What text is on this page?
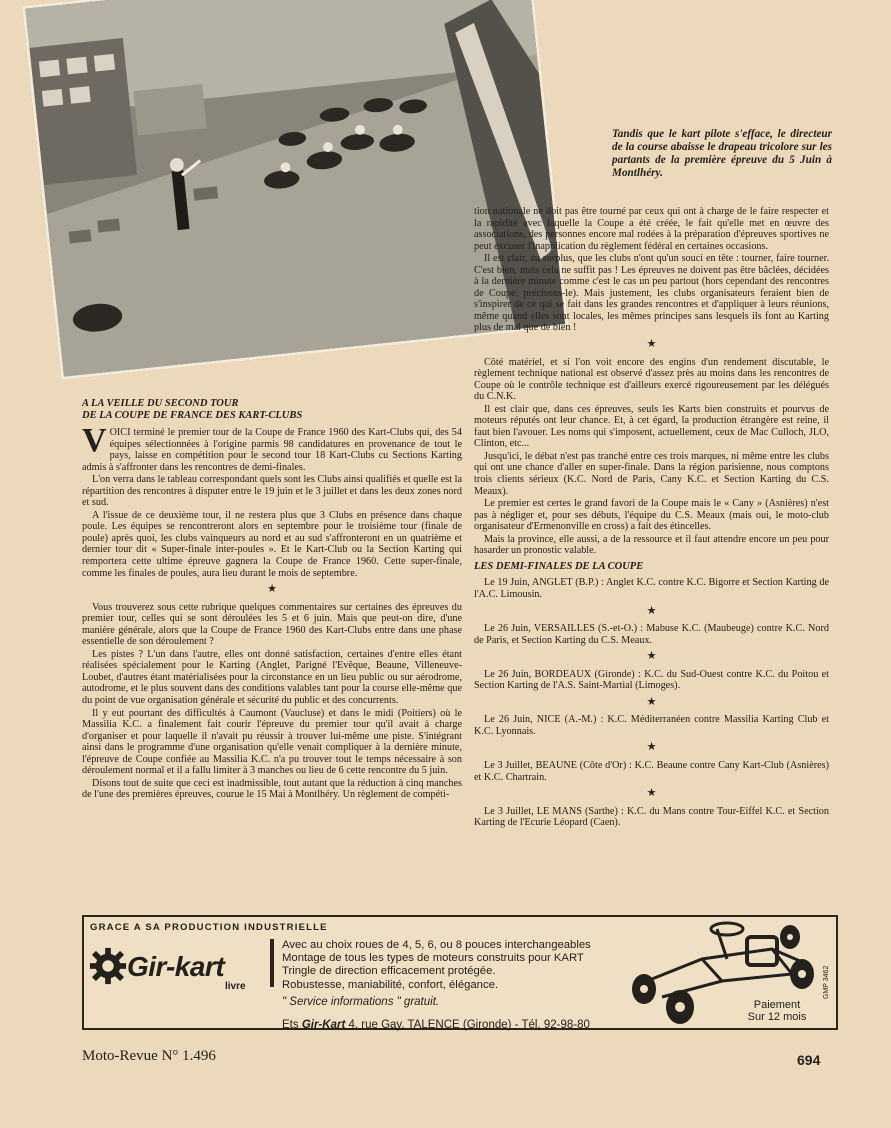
Tandis que le kart pilote s'efface, le directeur de la course abaisse le drapeau tricolore sur les partants de la première épreuve du 5 Juin à Montlhéry.

A LA VEILLE DU SECOND TOUR
DE LA COUPE DE FRANCE DES KART-CLUBS

VOICI terminé le premier tour de la Coupe de France 1960 des Kart-Clubs qui, des 54 équipes sélectionnées à l'origine parmis 98 candidatures en provenance de tout le pays, laisse en compétition pour le second tour 18 Kart-Clubs cu Sections Karting admis à s'affronter dans les rencontres de demi-finales.

L'on verra dans le tableau correspondant quels sont les Clubs ainsi qualifiés et quelle est la répartition des rencontres à disputer entre le 19 juin et le 3 juillet et dans les deux zones nord et sud.

A l'issue de ce deuxième tour, il ne restera plus que 3 Clubs en présence dans chaque poule. Les équipes se rencontreront alors en septembre pour le troisième tour (finale de poule) après quoi, les clubs vainqueurs au nord et au sud s'affronteront en un quatrième et dernier tour dit « Super-finale inter-poules ». Et le Kart-Club ou la Section Karting qui remportera cette ultime épreuve gagnera la Coupe de France 1960. Cette super-finale, comme les finales de poules, aura lieu durant le mois de septembre.

★

Vous trouverez sous cette rubrique quelques commentaires sur certaines des épreuves du premier tour, celles qui se sont déroulées les 5 et 6 juin. Mais que peut-on dire, d'une manière générale, alors que la Coupe de France 1960 des Kart-Clubs entre dans une phase essentielle de son déroulement ?

Les pistes ? L'un dans l'autre, elles ont donné satisfaction, certaines d'entre elles étant réalisées spécialement pour le Karting (Anglet, Parigné l'Evêque, Beaune, Villeneuve-Loubet, d'autres étant matérialisées pour la circonstance en un lieu public ou sur aérodrome, autodrome, et le plus souvent dans des conditions valables tant pour la course elle-même que du point de vue organisation générale et sécurité du public et des concurrents.

Il y eut pourtant des difficultés à Caumont (Vaucluse) et dans le midi (Poitiers) où le Massilia K.C. a finalement fait courir l'épreuve du premier tour qu'il avait à charge d'organiser et pour laquelle il n'avait pu réussir à trouver lui-même une piste. S'intégrant ainsi dans le programme d'une organisation qu'elle venait compliquer à la dernière minute, l'épreuve de Coupe confiée au Massilia K.C. n'a pu trouver tout le temps nécessaire à son déroulement normal et il a fallu limiter à 3 manches ou lieu de 6 cette rencontre du 5 juin.

Disons tout de suite que ceci est inadmissible, tout autant que la réduction à cinq manches de l'une des premières épreuves, courue le 15 Mai à Montlhéry. Un règlement de compéti-

tion nationale ne doit pas être tourné par ceux qui ont à charge de le faire respecter et la rapidité avec laquelle la Coupe a été créée, le fait qu'elle met en œuvre des associations, des personnes encore mal rodées à la préparation d'épreuves sportives ne peut excuser l'inapplication du règlement fédéral en certaines occasions.

Il est clair, au surplus, que les clubs n'ont qu'un souci en tête : tourner, faire tourner. C'est bien, mais cela ne suffit pas ! Les épreuves ne doivent pas être bâclées, décidées à la dernière minute comme c'est le cas un peu partout (hors cependant des rencontres de Coupe, précisons-le). Mais justement, les clubs organisateurs feraient bien de s'inspirer de ce qui se fait dans les grandes rencontres et d'appliquer à leurs réunions, même quand elles sont locales, les mêmes principes sans lesquels ils font au Karting plus de mal que de bien !

★

Côté matériel, et si l'on voit encore des engins d'un rendement discutable, le règlement technique national est observé d'assez près au moins dans les rencontres de Coupe où le contrôle technique est d'ailleurs exercé rigoureusement par les délégués du C.N.K.

Il est clair que, dans ces épreuves, seuls les Karts bien construits et pourvus de moteurs réputés ont leur chance. Et, à cet égard, la production étrangère est reine, il faut bien l'avouer. Les noms qui s'imposent, actuellement, ceux de Mac Culloch, JLO, Clinton, etc...

Jusqu'ici, le débat n'est pas tranché entre ces trois marques, ni même entre les clubs qui ont une chance d'aller en super-finale. Dans la région parisienne, nous comptons trois clients sérieux (K.C. Nord de Paris, Cany K.C. et Section Karting du C.S. Meaux).

Le premier est certes le grand favori de la Coupe mais le « Cany » (Asnières) n'est pas à négliger et, pour ses débuts, l'équipe du C.S. Meaux (mais oui, le moto-club organisateur d'Ermenonville en cross) a fait des étincelles.

Mais la province, elle aussi, a de la ressource et il faut attendre encore un peu pour hasarder un pronostic valable.

LES DEMI-FINALES DE LA COUPE

Le 19 Juin, ANGLET (B.P.) : Anglet K.C. contre K.C. Bigorre et Section Karting de l'A.C. Limousin.

★

Le 26 Juin, VERSAILLES (S.-et-O.) : Mabuse K.C. (Maubeuge) contre K.C. Nord de Paris, et Section Karting du C.S. Meaux.

★

Le 26 Juin, BORDEAUX (Gironde) : K.C. du Sud-Ouest contre K.C. du Poitou et Section Karting de l'A.S. Saint-Martial (Limoges).

★

Le 26 Juin, NICE (A.-M.) : K.C. Méditerranéen contre Massilia Karting Club et K.C. Lyonnais.

★

Le 3 Juillet, BEAUNE (Côte d'Or) : K.C. Beaune contre Cany Kart-Club (Asnières) et K.C. Chartrain.

★

Le 3 Juillet, LE MANS (Sarthe) : K.C. du Mans contre Tour-Eiffel K.C. et Section Karting de l'Ecurie Léopard (Caen).

GRACE A SA PRODUCTION INDUSTRIELLE
Gir-kart
livre
Avec au choix roues de 4, 5, 6, ou 8 pouces interchangeables
Montage de tous les types de moteurs construits pour KART
Tringle de direction efficacement protégée.
Robustesse, maniabilité, confort, élégance.
" Service informations " gratuit.
Ets Gir-Kart 4, rue Gay, TALENCE (Gironde) - Tél. 92-98-80
Paiement
Sur 12 mois
GMP 3462
Moto-Revue N° 1.496	694
